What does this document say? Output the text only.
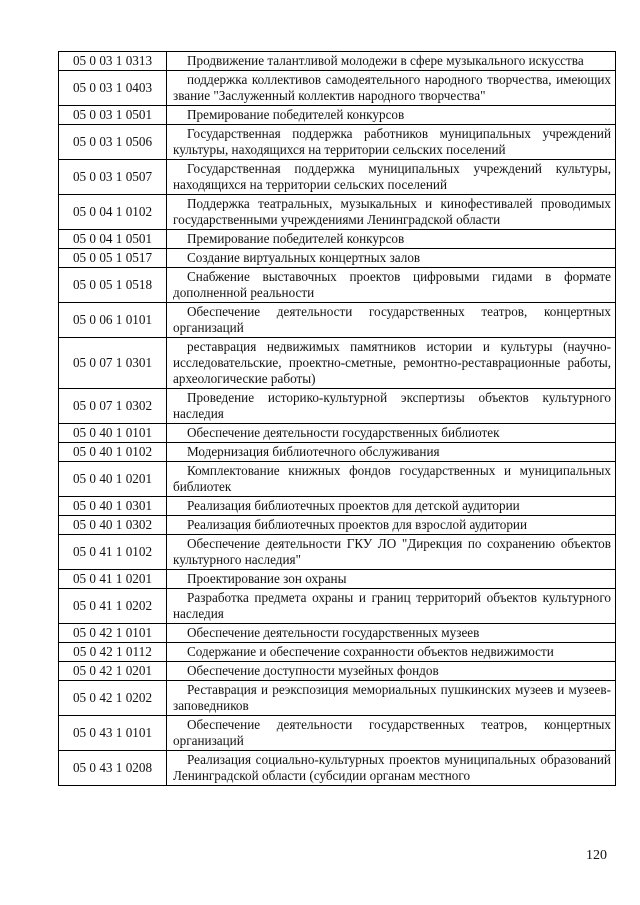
05 0 03 1 0313	Продвижение талантливой молодежи в сфере музыкального искусства
05 0 03 1 0403	поддержка коллективов самодеятельного народного творчества, имеющих звание "Заслуженный коллектив народного творчества"
05 0 03 1 0501	Премирование победителей конкурсов
05 0 03 1 0506	Государственная поддержка работников муниципальных учреждений культуры, находящихся на территории сельских поселений
05 0 03 1 0507	Государственная поддержка муниципальных учреждений культуры, находящихся на территории сельских поселений
05 0 04 1 0102	Поддержка театральных, музыкальных и кинофестивалей проводимых государственными учреждениями Ленинградской области
05 0 04 1 0501	Премирование победителей конкурсов
05 0 05 1 0517	Создание виртуальных концертных залов
05 0 05 1 0518	Снабжение выставочных проектов цифровыми гидами в формате дополненной реальности
05 0 06 1 0101	Обеспечение деятельности государственных театров, концертных организаций
05 0 07 1 0301	реставрация недвижимых памятников истории и культуры (научно-исследовательские, проектно-сметные, ремонтно-реставрационные работы, археологические работы)
05 0 07 1 0302	Проведение историко-культурной экспертизы объектов культурного наследия
05 0 40 1 0101	Обеспечение деятельности государственных библиотек
05 0 40 1 0102	Модернизация библиотечного обслуживания
05 0 40 1 0201	Комплектование книжных фондов государственных и муниципальных библиотек
05 0 40 1 0301	Реализация библиотечных проектов для детской аудитории
05 0 40 1 0302	Реализация библиотечных проектов для взрослой аудитории
05 0 41 1 0102	Обеспечение деятельности ГКУ ЛО "Дирекция по сохранению объектов культурного наследия"
05 0 41 1 0201	Проектирование зон охраны
05 0 41 1 0202	Разработка предмета охраны и границ территорий объектов культурного наследия
05 0 42 1 0101	Обеспечение деятельности государственных музеев
05 0 42 1 0112	Содержание и обеспечение сохранности объектов недвижимости
05 0 42 1 0201	Обеспечение доступности музейных фондов
05 0 42 1 0202	Реставрация и реэкспозиция мемориальных пушкинских музеев и музеев-заповедников
05 0 43 1 0101	Обеспечение деятельности государственных театров, концертных организаций
05 0 43 1 0208	Реализация социально-культурных проектов муниципальных образований Ленинградской области (субсидии органам местного
120
